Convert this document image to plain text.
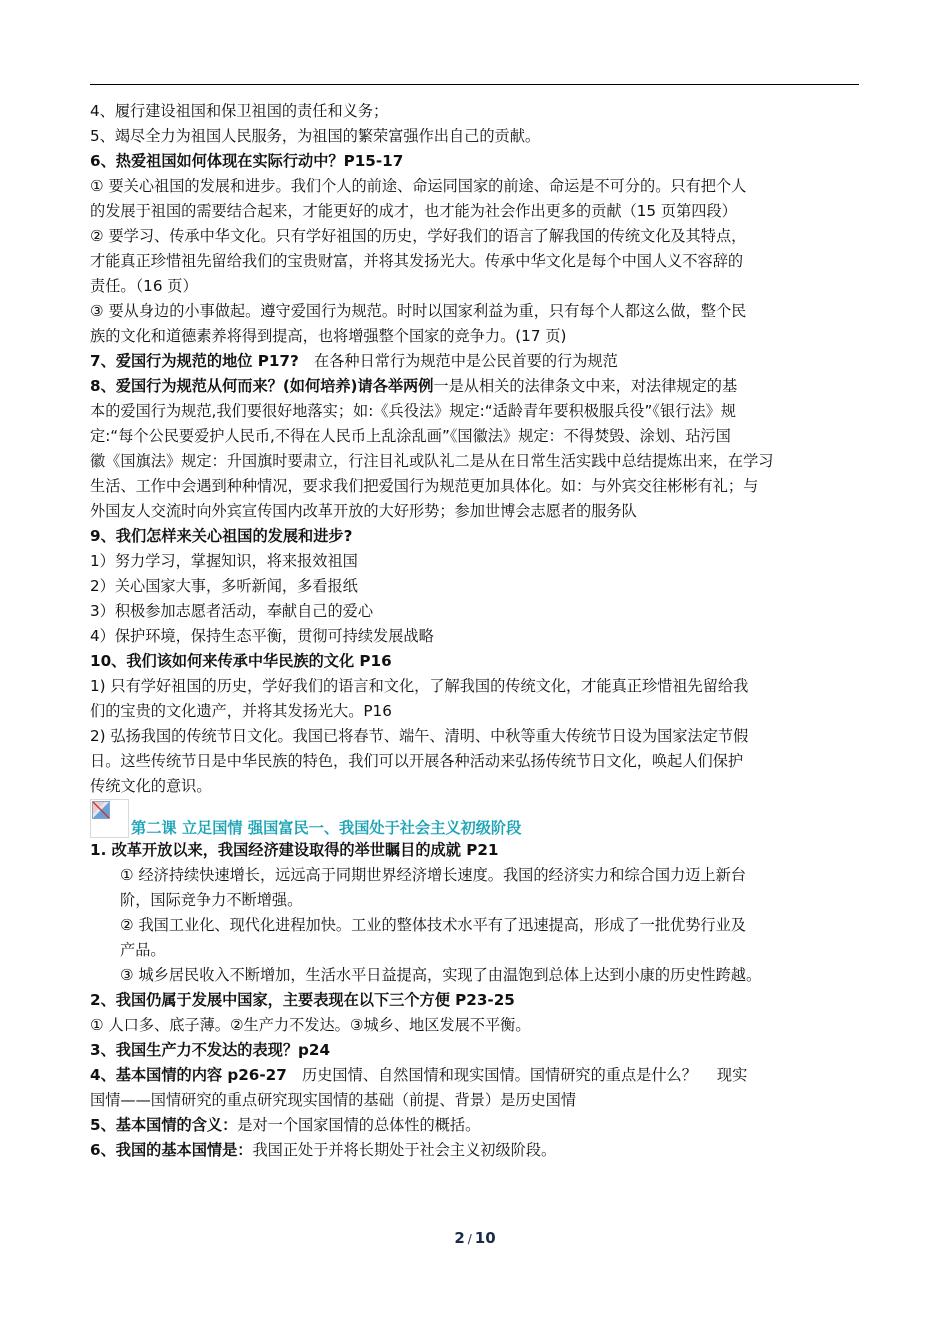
4、履行建设祖国和保卫祖国的责任和义务；
5、竭尽全力为祖国人民服务，为祖国的繁荣富强作出自己的贡献。
6、热爱祖国如何体现在实际行动中？P15-17
① 要关心祖国的发展和进步。我们个人的前途、命运同国家的前途、命运是不可分的。只有把个人
的发展于祖国的需要结合起来，才能更好的成才，也才能为社会作出更多的贡献（15 页第四段）
② 要学习、传承中华文化。只有学好祖国的历史，学好我们的语言了解我国的传统文化及其特点，
才能真正珍惜祖先留给我们的宝贵财富，并将其发扬光大。传承中华文化是每个中国人义不容辞的
责任。（16 页）
③ 要从身边的小事做起。遵守爱国行为规范。时时以国家利益为重，只有每个人都这么做，整个民
族的文化和道德素养将得到提高，也将增强整个国家的竞争力。(17 页)
7、爱国行为规范的地位 P17?　在各种日常行为规范中是公民首要的行为规范
8、爱国行为规范从何而来？(如何培养)请各举两例一是从相关的法律条文中来，对法律规定的基
本的爱国行为规范,我们要很好地落实；如:《兵役法》规定:“适龄青年要积极服兵役”《银行法》规
定:“每个公民要爱护人民币,不得在人民币上乱涂乱画”《国徽法》规定：不得焚毁、涂划、玷污国
徽《国旗法》规定：升国旗时要肃立，行注目礼或队礼二是从在日常生活实践中总结提炼出来，在学习
生活、工作中会遇到种种情况，要求我们把爱国行为规范更加具体化。如：与外宾交往彬彬有礼；与
外国友人交流时向外宾宣传国内改革开放的大好形势；参加世博会志愿者的服务队
9、我们怎样来关心祖国的发展和进步?
1）努力学习，掌握知识，将来报效祖国
2）关心国家大事，多听新闻，多看报纸
3）积极参加志愿者活动，奉献自己的爱心
4）保护环境，保持生态平衡，贯彻可持续发展战略
10、我们该如何来传承中华民族的文化 P16
1) 只有学好祖国的历史，学好我们的语言和文化，了解我国的传统文化，才能真正珍惜祖先留给我
们的宝贵的文化遗产，并将其发扬光大。P16
2) 弘扬我国的传统节日文化。我国已将春节、端午、清明、中秋等重大传统节日设为国家法定节假
日。这些传统节日是中华民族的特色，我们可以开展各种活动来弘扬传统节日文化，唤起人们保护
传统文化的意识。
第二课 立足国情 强国富民一、我国处于社会主义初级阶段
1. 改革开放以来，我国经济建设取得的举世瞩目的成就 P21
① 经济持续快速增长，远远高于同期世界经济增长速度。我国的经济实力和综合国力迈上新台
阶，国际竞争力不断增强。
② 我国工业化、现代化进程加快。工业的整体技术水平有了迅速提高，形成了一批优势行业及
产品。
③ 城乡居民收入不断增加，生活水平日益提高，实现了由温饱到总体上达到小康的历史性跨越。
2、我国仍属于发展中国家，主要表现在以下三个方便 P23-25
① 人口多、底子薄。②生产力不发达。③城乡、地区发展不平衡。
3、我国生产力不发达的表现？p24
4、基本国情的内容 p26-27　历史国情、自然国情和现实国情。国情研究的重点是什么？　 现实
国情——国情研究的重点研究现实国情的基础（前提、背景）是历史国情
5、基本国情的含义：是对一个国家国情的总体性的概括。
6、我国的基本国情是：我国正处于并将长期处于社会主义初级阶段。
2 / 10
